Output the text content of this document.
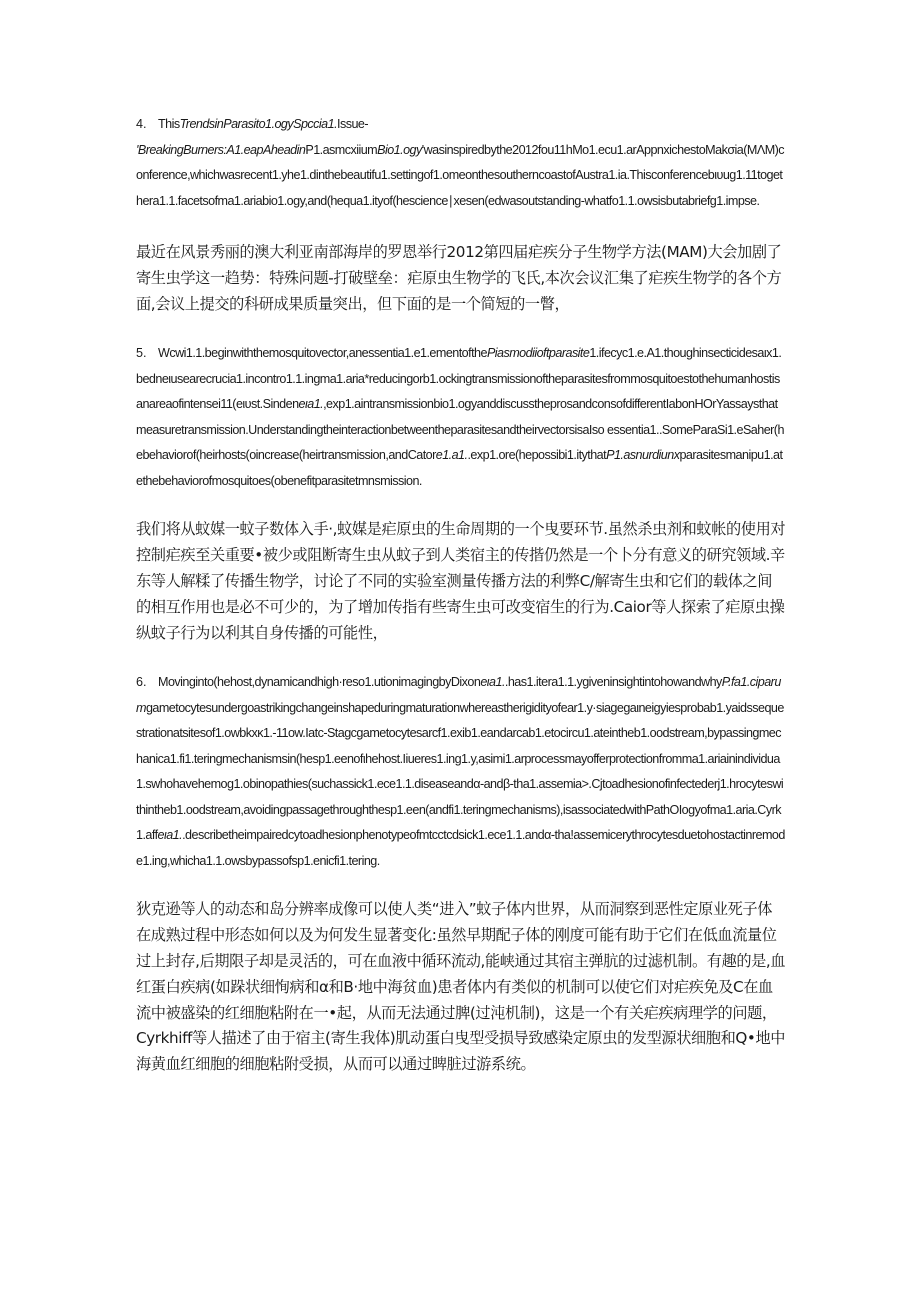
4. ThisTrendsinParasito1.ogySpccia1.Issue-
'BreakingBurners:A1.eapAheadinP1.asmcxiiumBio1.ogy'wasinspiredbythe2012fou11hMo1.ecu1.arAppnxichestoMakσia(MΛM)conference,whichwasrecent1.yhe1.dinthebeautifu1.settingof1.omeonthesoutherncoastofAustra1.ia.Thisconferencebιυug1.11togethera1.1.facetsofma1.ariabio1.ogy,and(hequa1.ityof(hescience∣xesen(edwasoutstanding-whatfo1.1.owsisbutabriefg1.impse.

最近在风景秀丽的澳大利亚南部海岸的罗恩举行2012第四届疟疾分子生物学方法(MAM)大会加剧了寄生虫学这一趋势：特殊问题-打破壁垒：疟原虫生物学的飞氏,本次会议汇集了疟疾生物学的各个方面,会议上提交的科研成果质量突出，但下面的是一个简短的一瞥，

5. Wcwi1.1.beginwiththemosquitovector,anessentia1.e1.ementofthePiasmodiioftparasite1.ifecyc1.e.A1.thoughinsecticidesaιx1.bedneιusearecrucia1.incontro1.1.ingma1.aria*reducingorb1.ockingtransmissionoftheparasitesfrommosquitoestothehumanhostisanareaofintensei11(eιυst.Sindeneιa1.,exp1.aintransmissionbio1.ogyanddiscusstheprosandconsofdifferentIabonHOrYassaysthatmeasuretransmission.UnderstandingtheinteractionbetweentheparasitesandtheirvectorsisaIso essentia1..SomeParaSi1.eSaher(hebehaviorof(heirhosts(oincrease(heirtransmission,andCatore1.a1..exp1.ore(hepossibi1.itythatP1.asnurdiunxparasitesmanipu1.atethebehaviorofmosquitoes(obenefitparasitetmnsmission.

我们将从蚊媒一蚊子数体入手·,蚊媒是疟原虫的生命周期的一个曳要环节.虽然杀虫剂和蚊帐的使用对控制疟疾至关重要•被少或阻断寄生虫从蚊子到人类宿主的传揩仍然是一个卜分有意义的研究领域.辛东等人解糅了传播生物学，讨论了不同的实验室测量传播方法的利弊C/解寄生虫和它们的载体之间的相互作用也是必不可少的，为了增加传指有些寄生虫可改变宿生的行为.Caior等人探索了疟原虫操纵蚊子行为以利其自身传播的可能性，

6. Movinginto(hehost,dynamicandhigh·reso1.utionimagingbyDixoneιa1..has1.itera1.1.ygiveninsightintohowandwhyP.fa1.ciparumgametocytesundergoastrikingchangeinshapeduringmaturationwhereastherigidityofear1.y·siagegaιneigyiesprobab1.yaidssequestrationatsitesof1.owbkxκ1.-11ow.Iatc-Stagcgametocytesarcf1.exib1.eandarcab1.etocircu1.ateintheb1.oodstream,bypassingmechanica1.fi1.teringmechanismsin(hesp1.eenofιhehost.Iiueres1.ing1.y,asimi1.arprocessmayofferprotectionfromma1.ariainindividua1.swhohavehemog1.obinopathies(suchassick1.ece1.1.diseaseandα-andβ-tha1.assemia>.Cjtoadhesionofinfectederj1.hrocyteswithintheb1.oodstream,avoidingpassagethroughthesp1.een(andfi1.teringmechanisms),isassociatedwithPathOIogyofma1.aria.Cyrk1.affeιa1..describetheimpairedcytoadhesionphenotypeofmtcctcdsick1.ece1.1.andα-tha!assemicerythrocytesduetohostactinremode1.ing,whicha1.1.owsbypassofsp1.enicfi1.tering.

狄克逊等人的动态和岛分辨率成像可以使人类“进入”蚊子体内世界，从而洞察到恶性定原业死子体在成熟过程中形态如何以及为何发生显著变化:虽然早期配子体的刚度可能有助于它们在低血流量位过上封存,后期限子却是灵活的，可在血液中循环流动,能峡通过其宿主弹肮的过滤机制。有趣的是,血红蛋白疾病(如跺状细恂病和α和B·地中海贫血)患者体内有类似的机制可以使它们对疟疾免及C在血流中被盛染的红细胞粘附在一•起，从而无法通过脾(过沌机制)，这是一个有关疟疾病理学的问题，Cyrkhiff等人描述了由于宿主(寄生我体)肌动蛋白曳型受损导致感染定原虫的发型源状细胞和Q•地中海黄血红细胞的细胞粘附受损，从而可以通过睥脏过游系统。
